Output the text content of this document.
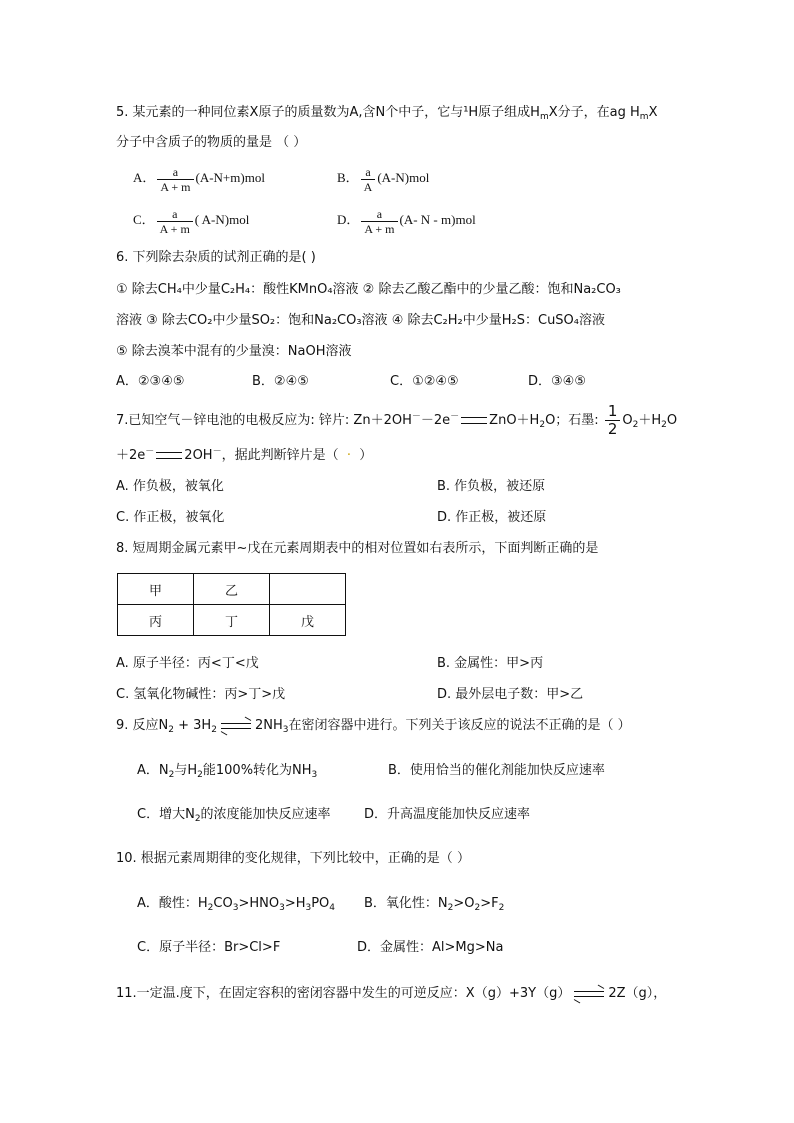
5. 某元素的一种同位素X原子的质量数为A,含N个中子，它与¹H原子组成$H_mX$分子，在ag $H_mX$
分子中含质子的物质的量是 （ ）
A． $\frac{a}{A + m} (A-N+m)mol$	B． $\frac{a}{A} (A-N)mol$
C． $\frac{a}{A + m}$ ( A-N)mol	D． $\frac{a}{A + m} (A-$ N - m)mol
6. 下列除去杂质的试剂正确的是( )
① 除去CH₄中少量C₂H₄：酸性KMnO₄溶液 ② 除去乙酸乙酯中的少量乙酸：饱和Na₂CO₃
溶液 ③ 除去CO₂中少量SO₂：饱和Na₂CO₃溶液 ④ 除去C₂H₂中少量H₂S：CuSO₄溶液
⑤ 除去溴苯中混有的少量溴：NaOH溶液
A．②③④⑤	B．②④⑤	C．①②④⑤	D．③④⑤
7.已知空气－锌电池的电极反应为: 锌片: Zn＋2OH－－2e－ $ZnO+H_2O$；石墨: $\frac{1}{2} O_2+H_2O$
＋2e－ 2OH－，据此判断锌片是（ · ）
A. 作负极，被氧化	B. 作负极，被还原
C. 作正极，被氧化	D. 作正极，被还原
8. 短周期金属元素甲~戊在元素周期表中的相对位置如右表所示，下面判断正确的是
甲	乙	
丙	丁	戊
A. 原子半径：丙<丁<戊	B. 金属性：甲>丙
C. 氢氧化物碱性：丙>丁>戊	D. 最外层电子数：甲>乙
9. 反应$N_2 + 3H_2$	$2NH_3$在密闭容器中进行。下列关于该反应的说法不正确的是（ ）
A．$N_2$与$H_2$能100%转化为$NH_3$	B．使用恰当的催化剂能加快反应速率
C．增大$N_2$的浓度能加快反应速率	D．升高温度能加快反应速率
10. 根据元素周期律的变化规律，下列比较中，正确的是（ ）
A．酸性：$H_2CO_3>HNO_3>H_3PO_4$ B．氧化性：$N_2>O_2>F_2$
C．原子半径：Br>Cl>F	D．金属性：Al>Mg>Na
11.一定温.度下，在固定容积的密闭容器中发生的可逆反应：X（g）+3Y（g）	2Z（g），
